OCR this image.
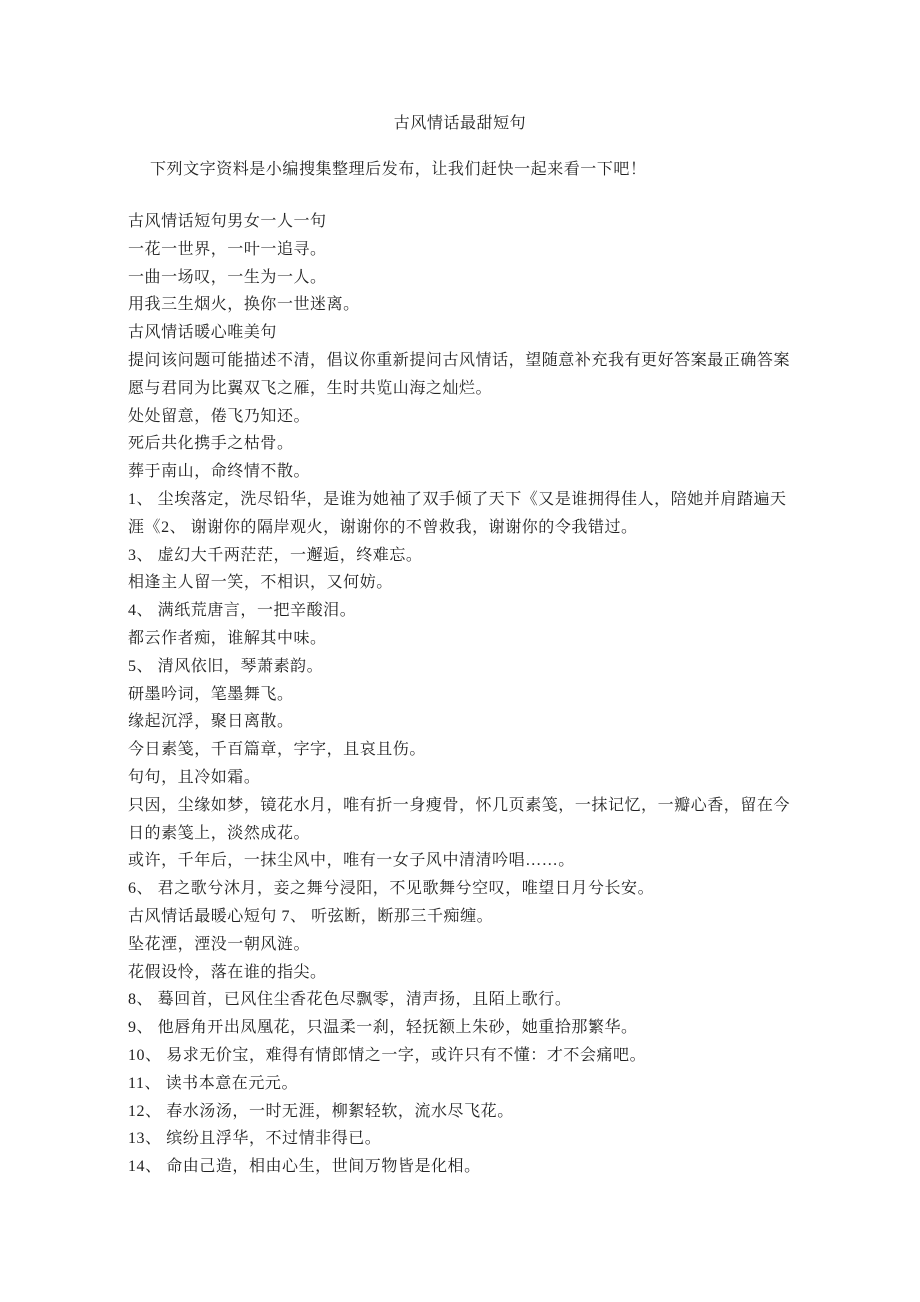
古风情话最甜短句

下列文字资料是小编搜集整理后发布，让我们赶快一起来看一下吧！

古风情话短句男女一人一句
一花一世界，一叶一追寻。
一曲一场叹，一生为一人。
用我三生烟火，换你一世迷离。
古风情话暖心唯美句
提问该问题可能描述不清，倡议你重新提问古风情话，望随意补充我有更好答案最正确答案
愿与君同为比翼双飞之雁，生时共览山海之灿烂。
处处留意，倦飞乃知还。
死后共化携手之枯骨。
葬于南山，命终情不散。
1、 尘埃落定，洗尽铅华，是谁为她袖了双手倾了天下《又是谁拥得佳人，陪她并肩踏遍天
涯《2、 谢谢你的隔岸观火，谢谢你的不曾救我，谢谢你的令我错过。
3、 虚幻大千两茫茫，一邂逅，终难忘。
相逢主人留一笑，不相识，又何妨。
4、 满纸荒唐言，一把辛酸泪。
都云作者痴，谁解其中味。
5、 清风依旧，琴萧素韵。
研墨吟词，笔墨舞飞。
缘起沉浮，聚日离散。
今日素笺，千百篇章，字字，且哀且伤。
句句，且冷如霜。
只因，尘缘如梦，镜花水月，唯有折一身瘦骨，怀几页素笺，一抹记忆，一瓣心香，留在今
日的素笺上，淡然成花。
或许，千年后，一抹尘风中，唯有一女子风中清清吟唱……。
6、 君之歌兮沐月，妾之舞兮浸阳，不见歌舞兮空叹，唯望日月兮长安。
古风情话最暖心短句 7、 听弦断，断那三千痴缠。
坠花湮，湮没一朝风涟。
花假设怜，落在谁的指尖。
8、 蓦回首，已风住尘香花色尽飘零，清声扬，且陌上歌行。
9、 他唇角开出凤凰花，只温柔一刹，轻抚额上朱砂，她重拾那繁华。
10、 易求无价宝，难得有情郎情之一字，或许只有不懂：才不会痛吧。
11、 读书本意在元元。
12、 春水汤汤，一时无涯，柳絮轻软，流水尽飞花。
13、 缤纷且浮华，不过情非得已。
14、 命由己造，相由心生，世间万物皆是化相。
